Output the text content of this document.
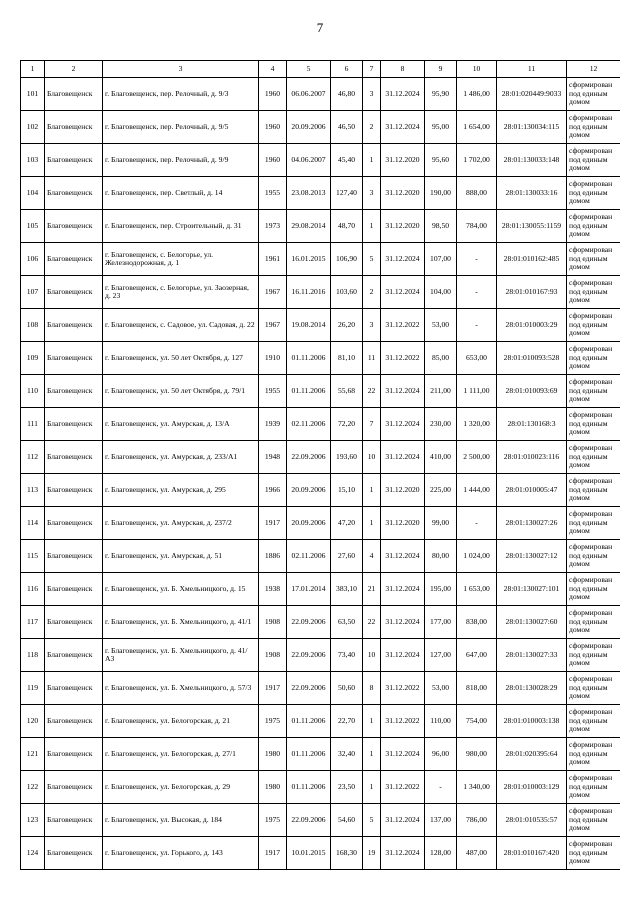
7
1	2	3	4	5	6	7	8	9	10	11	12
101	Благовещенск	г. Благовещенск, пер. Релочный, д. 9/3	1960	06.06.2007	46,80	3	31.12.2024	95,90	1 486,00	28:01:020449:9033	сформирован под единым домом
102	Благовещенск	г. Благовещенск, пер. Релочный, д. 9/5	1960	20.09.2006	46,50	2	31.12.2024	95,00	1 654,00	28:01:130034:115	сформирован под единым домом
103	Благовещенск	г. Благовещенск, пер. Релочный, д. 9/9	1960	04.06.2007	45,40	1	31.12.2020	95,60	1 702,00	28:01:130033:148	сформирован под единым домом
104	Благовещенск	г. Благовещенск, пер. Светлый, д. 14	1955	23.08.2013	127,40	3	31.12.2020	190,00	888,00	28:01:130033:16	сформирован под единым домом
105	Благовещенск	г. Благовещенск, пер. Строительный, д. 31	1973	29.08.2014	48,70	1	31.12.2020	98,50	784,00	28:01:130055:1159	сформирован под единым домом
106	Благовещенск	г. Благовещенск, с. Белогорье, ул. Железнодорожная, д. 1	1961	16.01.2015	106,90	5	31.12.2024	107,00	-	28:01:010162:485	сформирован под единым домом
107	Благовещенск	г. Благовещенск, с. Белогорье, ул. Заозерная, д. 23	1967	16.11.2016	103,60	2	31.12.2024	104,00	-	28:01:010167:93	сформирован под единым домом
108	Благовещенск	г. Благовещенск, с. Садовое, ул. Садовая, д. 22	1967	19.08.2014	26,20	3	31.12.2022	53,00	-	28:01:010003:29	сформирован под единым домом
109	Благовещенск	г. Благовещенск, ул. 50 лет Октября, д. 127	1910	01.11.2006	81,10	11	31.12.2022	85,00	653,00	28:01:010093:528	сформирован под единым домом
110	Благовещенск	г. Благовещенск, ул. 50 лет Октября, д. 79/1	1955	01.11.2006	55,68	22	31.12.2024	211,00	1 111,00	28:01:010093:69	сформирован под единым домом
111	Благовещенск	г. Благовещенск, ул. Амурская, д. 13/А	1939	02.11.2006	72,20	7	31.12.2024	230,00	1 320,00	28:01:130168:3	сформирован под единым домом
112	Благовещенск	г. Благовещенск, ул. Амурская, д. 233/А1	1948	22.09.2006	193,60	10	31.12.2024	410,00	2 500,00	28:01:010023:116	сформирован под единым домом
113	Благовещенск	г. Благовещенск, ул. Амурская, д. 295	1966	20.09.2006	15,10	1	31.12.2020	225,00	1 444,00	28:01:010005:47	сформирован под единым домом
114	Благовещенск	г. Благовещенск, ул. Амурская, д. 237/2	1917	20.09.2006	47,20	1	31.12.2020	99,00	-	28:01:130027:26	сформирован под единым домом
115	Благовещенск	г. Благовещенск, ул. Амурская, д. 51	1886	02.11.2006	27,60	4	31.12.2024	80,00	1 024,00	28:01:130027:12	сформирован под единым домом
116	Благовещенск	г. Благовещенск, ул. Б. Хмельницкого, д. 15	1938	17.01.2014	383,10	21	31.12.2024	195,00	1 653,00	28:01:130027:101	сформирован под единым домом
117	Благовещенск	г. Благовещенск, ул. Б. Хмельницкого, д. 41/1	1908	22.09.2006	63,50	22	31.12.2024	177,00	838,00	28:01:130027:60	сформирован под единым домом
118	Благовещенск	г. Благовещенск, ул. Б. Хмельницкого, д. 41/А3	1908	22.09.2006	73,40	10	31.12.2024	127,00	647,00	28:01:130027:33	сформирован под единым домом
119	Благовещенск	г. Благовещенск, ул. Б. Хмельницкого, д. 57/3	1917	22.09.2006	50,60	8	31.12.2022	53,00	818,00	28:01:130028:29	сформирован под единым домом
120	Благовещенск	г. Благовещенск, ул. Белогорская, д. 21	1975	01.11.2006	22,70	1	31.12.2022	110,00	754,00	28:01:010003:138	сформирован под единым домом
121	Благовещенск	г. Благовещенск, ул. Белогорская, д. 27/1	1980	01.11.2006	32,40	1	31.12.2024	96,00	980,00	28:01:020395:64	сформирован под единым домом
122	Благовещенск	г. Благовещенск, ул. Белогорская, д. 29	1980	01.11.2006	23,50	1	31.12.2022	-	1 340,00	28:01:010003:129	сформирован под единым домом
123	Благовещенск	г. Благовещенск, ул. Высокая, д. 184	1975	22.09.2006	54,60	5	31.12.2024	137,00	786,00	28:01:010535:57	сформирован под единым домом
124	Благовещенск	г. Благовещенск, ул. Горького, д. 143	1917	10.01.2015	168,30	19	31.12.2024	128,00	487,00	28:01:010167:420	сформирован под единым домом
